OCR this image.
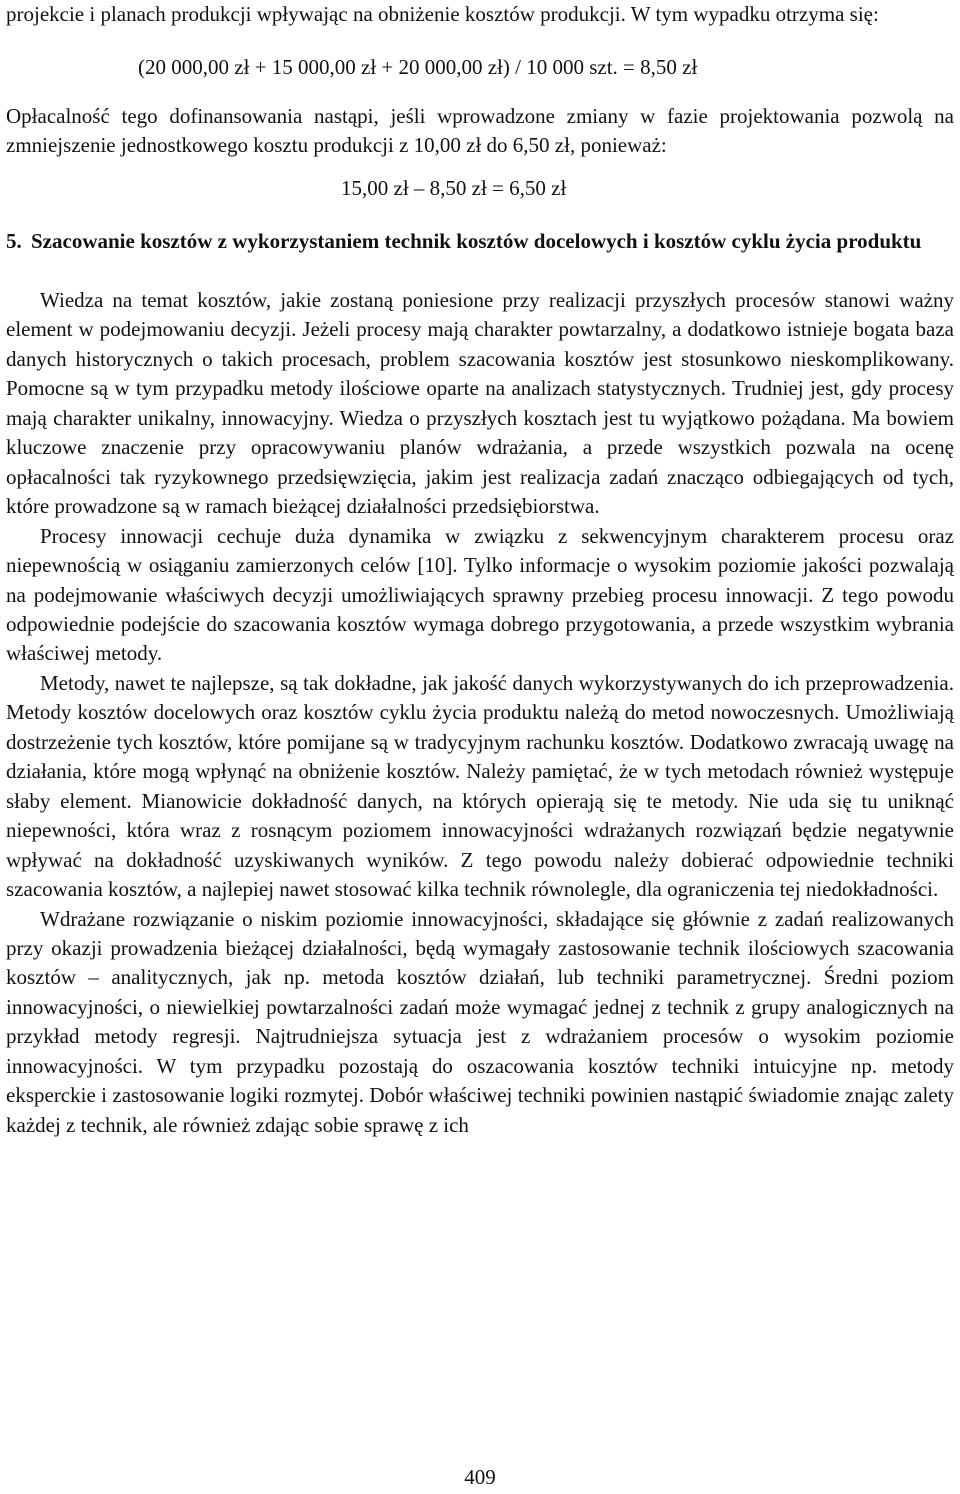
projekcie i planach produkcji wpływając na obniżenie kosztów produkcji. W tym wypadku otrzyma się:

(20 000,00 zł + 15 000,00 zł + 20 000,00 zł) / 10 000 szt. = 8,50 zł

Opłacalność tego dofinansowania nastąpi, jeśli wprowadzone zmiany w fazie projektowania pozwolą na zmniejszenie jednostkowego kosztu produkcji z 10,00 zł do 6,50 zł, ponieważ:

15,00 zł – 8,50 zł = 6,50 zł

5. Szacowanie kosztów z wykorzystaniem technik kosztów docelowych i kosztów cyklu życia produktu

Wiedza na temat kosztów, jakie zostaną poniesione przy realizacji przyszłych procesów stanowi ważny element w podejmowaniu decyzji. Jeżeli procesy mają charakter powtarzalny, a dodatkowo istnieje bogata baza danych historycznych o takich procesach, problem szacowania kosztów jest stosunkowo nieskomplikowany. Pomocne są w tym przypadku metody ilościowe oparte na analizach statystycznych. Trudniej jest, gdy procesy mają charakter unikalny, innowacyjny. Wiedza o przyszłych kosztach jest tu wyjątkowo pożądana. Ma bowiem kluczowe znaczenie przy opracowywaniu planów wdrażania, a przede wszystkich pozwala na ocenę opłacalności tak ryzykownego przedsięwzięcia, jakim jest realizacja zadań znacząco odbiegających od tych, które prowadzone są w ramach bieżącej działalności przedsiębiorstwa.

Procesy innowacji cechuje duża dynamika w związku z sekwencyjnym charakterem procesu oraz niepewnością w osiąganiu zamierzonych celów [10]. Tylko informacje o wysokim poziomie jakości pozwalają na podejmowanie właściwych decyzji umożliwiających sprawny przebieg procesu innowacji. Z tego powodu odpowiednie podejście do szacowania kosztów wymaga dobrego przygotowania, a przede wszystkim wybrania właściwej metody.

Metody, nawet te najlepsze, są tak dokładne, jak jakość danych wykorzystywanych do ich przeprowadzenia. Metody kosztów docelowych oraz kosztów cyklu życia produktu należą do metod nowoczesnych. Umożliwiają dostrzeżenie tych kosztów, które pomijane są w tradycyjnym rachunku kosztów. Dodatkowo zwracają uwagę na działania, które mogą wpłynąć na obniżenie kosztów. Należy pamiętać, że w tych metodach również występuje słaby element. Mianowicie dokładność danych, na których opierają się te metody. Nie uda się tu uniknąć niepewności, która wraz z rosnącym poziomem innowacyjności wdrażanych rozwiązań będzie negatywnie wpływać na dokładność uzyskiwanych wyników. Z tego powodu należy dobierać odpowiednie techniki szacowania kosztów, a najlepiej nawet stosować kilka technik równolegle, dla ograniczenia tej niedokładności.

Wdrażane rozwiązanie o niskim poziomie innowacyjności, składające się głównie z zadań realizowanych przy okazji prowadzenia bieżącej działalności, będą wymagały zastosowanie technik ilościowych szacowania kosztów – analitycznych, jak np. metoda kosztów działań, lub techniki parametrycznej. Średni poziom innowacyjności, o niewielkiej powtarzalności zadań może wymagać jednej z technik z grupy analogicznych na przykład metody regresji. Najtrudniejsza sytuacja jest z wdrażaniem procesów o wysokim poziomie innowacyjności. W tym przypadku pozostają do oszacowania kosztów techniki intuicyjne np. metody eksperckie i zastosowanie logiki rozmytej. Dobór właściwej techniki powinien nastąpić świadomie znając zalety każdej z technik, ale również zdając sobie sprawę z ich

409
